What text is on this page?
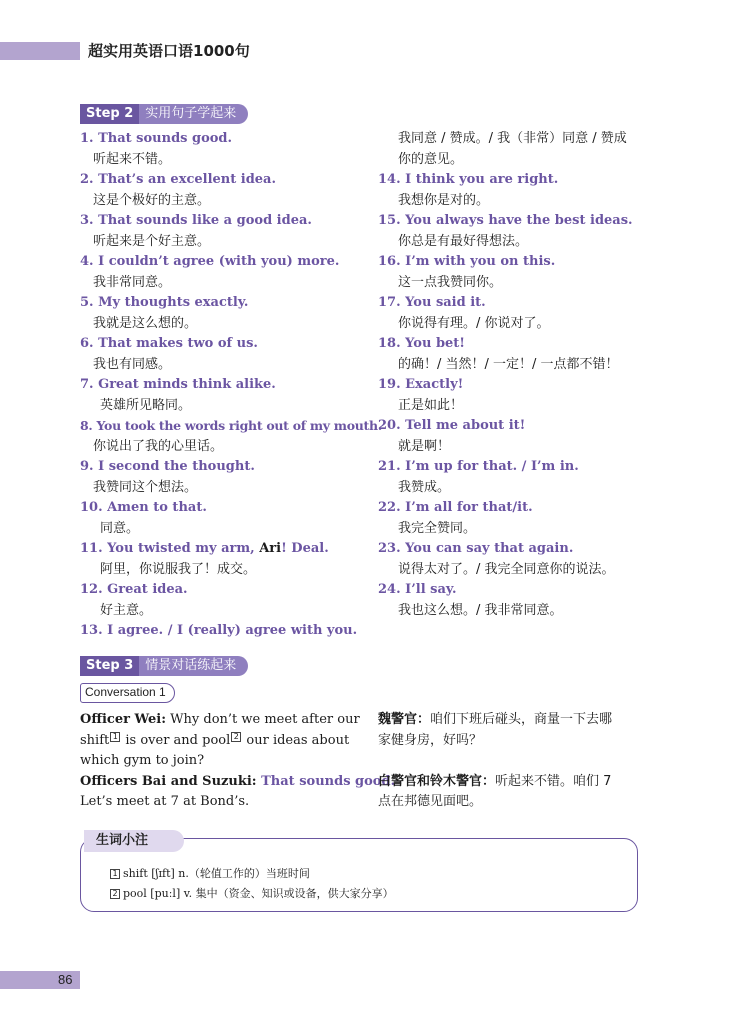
超实用英语口语1000句
Step 2 实用句子学起来
1. That sounds good.
听起来不错。
2. That’s an excellent idea.
这是个极好的主意。
3. That sounds like a good idea.
听起来是个好主意。
4. I couldn’t agree (with you) more.
我非常同意。
5. My thoughts exactly.
我就是这么想的。
6. That makes two of us.
我也有同感。
7. Great minds think alike.
英雄所见略同。
8. You took the words right out of my mouth.
你说出了我的心里话。
9. I second the thought.
我赞同这个想法。
10. Amen to that.
同意。
11. You twisted my arm, Ari! Deal.
阿里，你说服我了！成交。
12. Great idea.
好主意。
13. I agree. / I (really) agree with you.
我同意 / 赞成。/ 我（非常）同意 / 赞成
你的意见。
14. I think you are right.
我想你是对的。
15. You always have the best ideas.
你总是有最好得想法。
16. I’m with you on this.
这一点我赞同你。
17. You said it.
你说得有理。/ 你说对了。
18. You bet!
的确！/ 当然！/ 一定！/ 一点都不错！
19. Exactly!
正是如此！
20. Tell me about it!
就是啊！
21. I’m up for that. / I’m in.
我赞成。
22. I’m all for that/it.
我完全赞同。
23. You can say that again.
说得太对了。/ 我完全同意你的说法。
24. I’ll say.
我也这么想。/ 我非常同意。
Step 3 情景对话练起来
Conversation 1
Officer Wei: Why don’t we meet after our
shift 1 is over and pool 2 our ideas about
which gym to join?
Officers Bai and Suzuki: That sounds good.
Let’s meet at 7 at Bond’s.
魏警官：咱们下班后碰头，商量一下去哪
家健身房，好吗？
白警官和铃木警官：听起来不错。咱们 7
点在邦德见面吧。
生词小注
1 shift [ʃɪft] n.（轮值工作的）当班时间
2 pool [puːl] v. 集中（资金、知识或设备，供大家分享）
86
